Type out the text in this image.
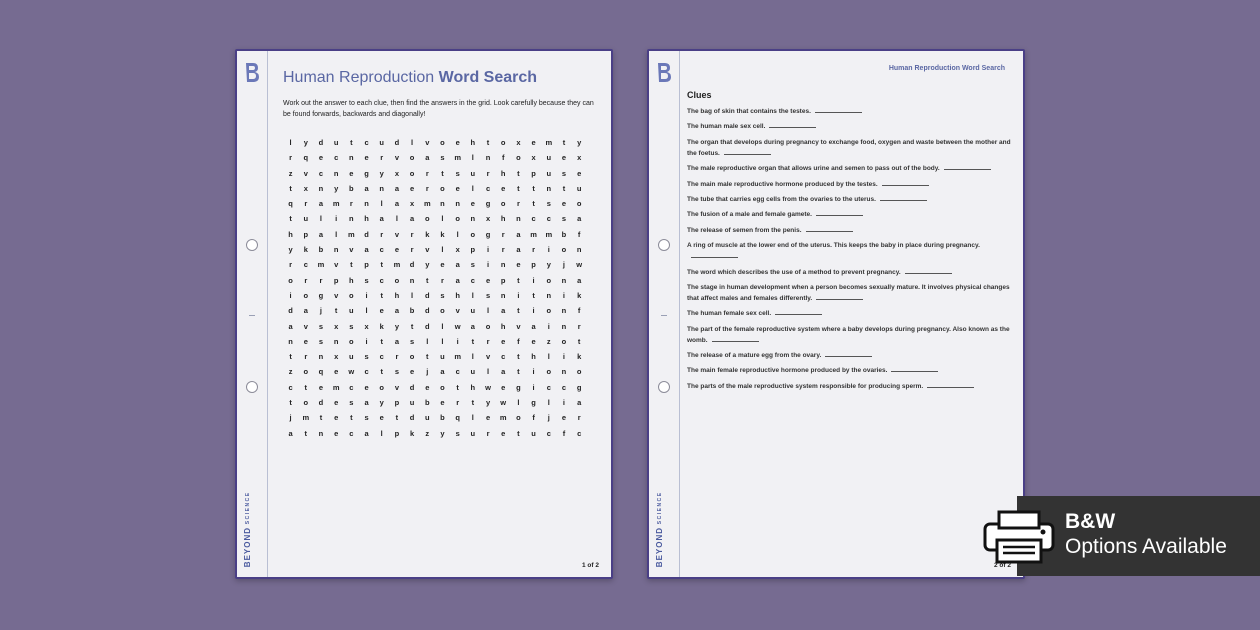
BEYOND SCIENCE
Human Reproduction Word Search
Work out the answer to each clue, then find the answers in the grid. Look carefully because they can be found forwards, backwards and diagonally!
l	y	d	u	t	c	u	d	l	v	o	e	h	t	o	x	e	m	t	y
r	q	e	c	n	e	r	v	o	a	s	m	l	n	f	o	x	u	e	x
z	v	c	n	e	g	y	x	o	r	t	s	u	r	h	t	p	u	s	e
t	x	n	y	b	a	n	a	e	r	o	e	l	c	e	t	t	n	t	u
q	r	a	m	r	n	l	a	x	m	n	n	e	g	o	r	t	s	e	o
t	u	l	i	n	h	a	l	a	o	l	o	n	x	h	n	c	c	s	a
h	p	a	l	m	d	r	v	r	k	k	l	o	g	r	a	m	m	b	f
y	k	b	n	v	a	c	e	r	v	l	x	p	i	r	a	r	i	o	n
r	c	m	v	t	p	t	m	d	y	e	a	s	i	n	e	p	y	j	w
o	r	r	p	h	s	c	o	n	t	r	a	c	e	p	t	i	o	n	a
i	o	g	v	o	i	t	h	l	d	s	h	l	s	n	i	t	n	i	k
d	a	j	t	u	l	e	a	b	d	o	v	u	l	a	t	i	o	n	f
a	v	s	x	s	x	k	y	t	d	l	w	a	o	h	v	a	i	n	r
n	e	s	n	o	i	t	a	s	l	l	i	t	r	e	f	e	z	o	t
t	r	n	x	u	s	c	r	o	t	u	m	l	v	c	t	h	l	i	k
z	o	q	e	w	c	t	s	e	j	a	c	u	l	a	t	i	o	n	o
c	t	e	m	c	e	o	v	d	e	o	t	h	w	e	g	i	c	c	g
t	o	d	e	s	a	y	p	u	b	e	r	t	y	w	l	g	l	i	a
j	m	t	e	t	s	e	t	d	u	b	q	l	e	m	o	f	j	e	r
a	t	n	e	c	a	l	p	k	z	y	s	u	r	e	t	u	c	f	c
1 of 2	BEYOND SCIENCE
Human Reproduction Word Search
Clues
The bag of skin that contains the testes.
The human male sex cell.
The organ that develops during pregnancy to exchange food, oxygen and waste between the mother and the foetus.
The male reproductive organ that allows urine and semen to pass out of the body.
The main male reproductive hormone produced by the testes.
The tube that carries egg cells from the ovaries to the uterus.
The fusion of a male and female gamete.
The release of semen from the penis.
A ring of muscle at the lower end of the uterus. This keeps the baby in place during pregnancy.
The word which describes the use of a method to prevent pregnancy.
The stage in human development when a person becomes sexually mature. It involves physical changes that affect males and females differently.
The human female sex cell.
The part of the female reproductive system where a baby develops during pregnancy. Also known as the womb.
The release of a mature egg from the ovary.
The main female reproductive hormone produced by the ovaries.
The parts of the male reproductive system responsible for producing sperm.
2 of 2
B&W
Options Available
